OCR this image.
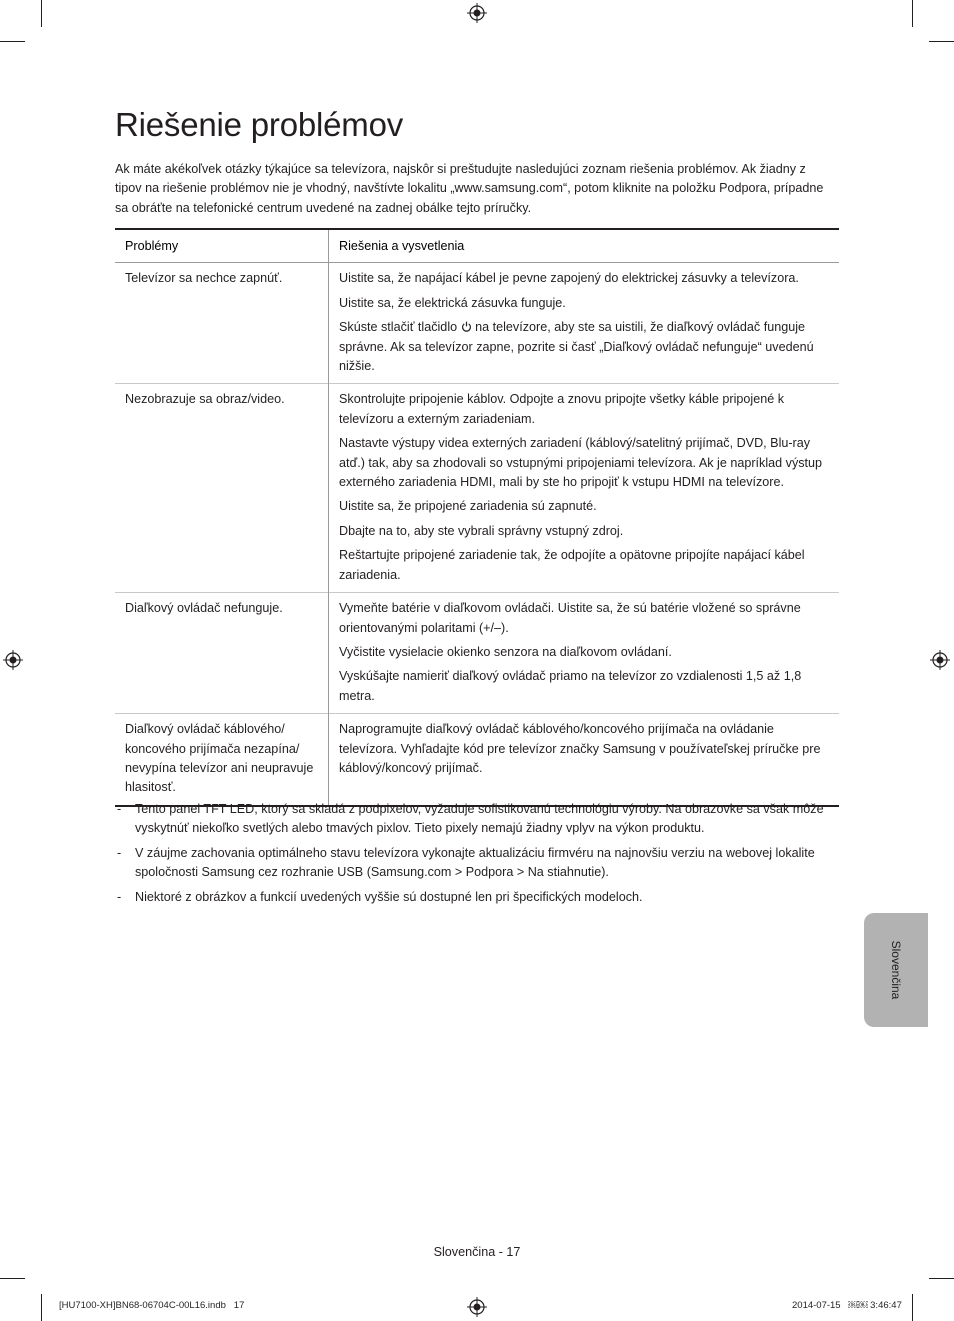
Riešenie problémov

Ak máte akékoľvek otázky týkajúce sa televízora, najskôr si preštudujte nasledujúci zoznam riešenia problémov. Ak žiadny z tipov na riešenie problémov nie je vhodný, navštívte lokalitu „www.samsung.com“, potom kliknite na položku Podpora, prípadne sa obráťte na telefonické centrum uvedené na zadnej obálke tejto príručky.

Problémy	Riešenia a vysvetlenia
Televízor sa nechce zapnúť.	Uistite sa, že napájací kábel je pevne zapojený do elektrickej zásuvky a televízora.

Uistite sa, že elektrická zásuvka funguje.

Skúste stlačiť tlačidlo na televízore, aby ste sa uistili, že diaľkový ovládač funguje správne. Ak sa televízor zapne, pozrite si časť „Diaľkový ovládač nefunguje“ uvedenú nižšie.

Nezobrazuje sa obraz/video.	Skontrolujte pripojenie káblov. Odpojte a znovu pripojte všetky káble pripojené k televízoru a externým zariadeniam.

Nastavte výstupy videa externých zariadení (káblový/satelitný prijímač, DVD, Blu-ray atď.) tak, aby sa zhodovali so vstupnými pripojeniami televízora. Ak je napríklad výstup externého zariadenia HDMI, mali by ste ho pripojiť k vstupu HDMI na televízore.

Uistite sa, že pripojené zariadenia sú zapnuté.

Dbajte na to, aby ste vybrali správny vstupný zdroj.

Reštartujte pripojené zariadenie tak, že odpojíte a opätovne pripojíte napájací kábel zariadenia.

Diaľkový ovládač nefunguje.	Vymeňte batérie v diaľkovom ovládači. Uistite sa, že sú batérie vložené so správne orientovanými polaritami (+/–).

Vyčistite vysielacie okienko senzora na diaľkovom ovládaní.

Vyskúšajte namieriť diaľkový ovládač priamo na televízor zo vzdialenosti 1,5 až 1,8 metra.

Diaľkový ovládač káblového/ koncového prijímača nezapína/ nevypína televízor ani neupravuje hlasitosť.	Naprogramujte diaľkový ovládač káblového/koncového prijímača na ovládanie televízora. Vyhľadajte kód pre televízor značky Samsung v používateľskej príručke pre káblový/koncový prijímač.

- Tento panel TFT LED, ktorý sa skladá z podpixelov, vyžaduje sofistikovanú technológiu výroby. Na obrazovke sa však môže vyskytnúť niekoľko svetlých alebo tmavých pixlov. Tieto pixely nemajú žiadny vplyv na výkon produktu.
- V záujme zachovania optimálneho stavu televízora vykonajte aktualizáciu firmvéru na najnovšiu verziu na webovej lokalite spoločnosti Samsung cez rozhranie USB (Samsung.com > Podpora > Na stiahnutie).
- Niektoré z obrázkov a funkcií uvedených vyššie sú dostupné len pri špecifických modeloch.
Slovenčina
Slovenčina - 17
[HU7100-XH]BN68-06704C-00L16.indb   17	2014-07-15   ￼￼ 3:46:47
